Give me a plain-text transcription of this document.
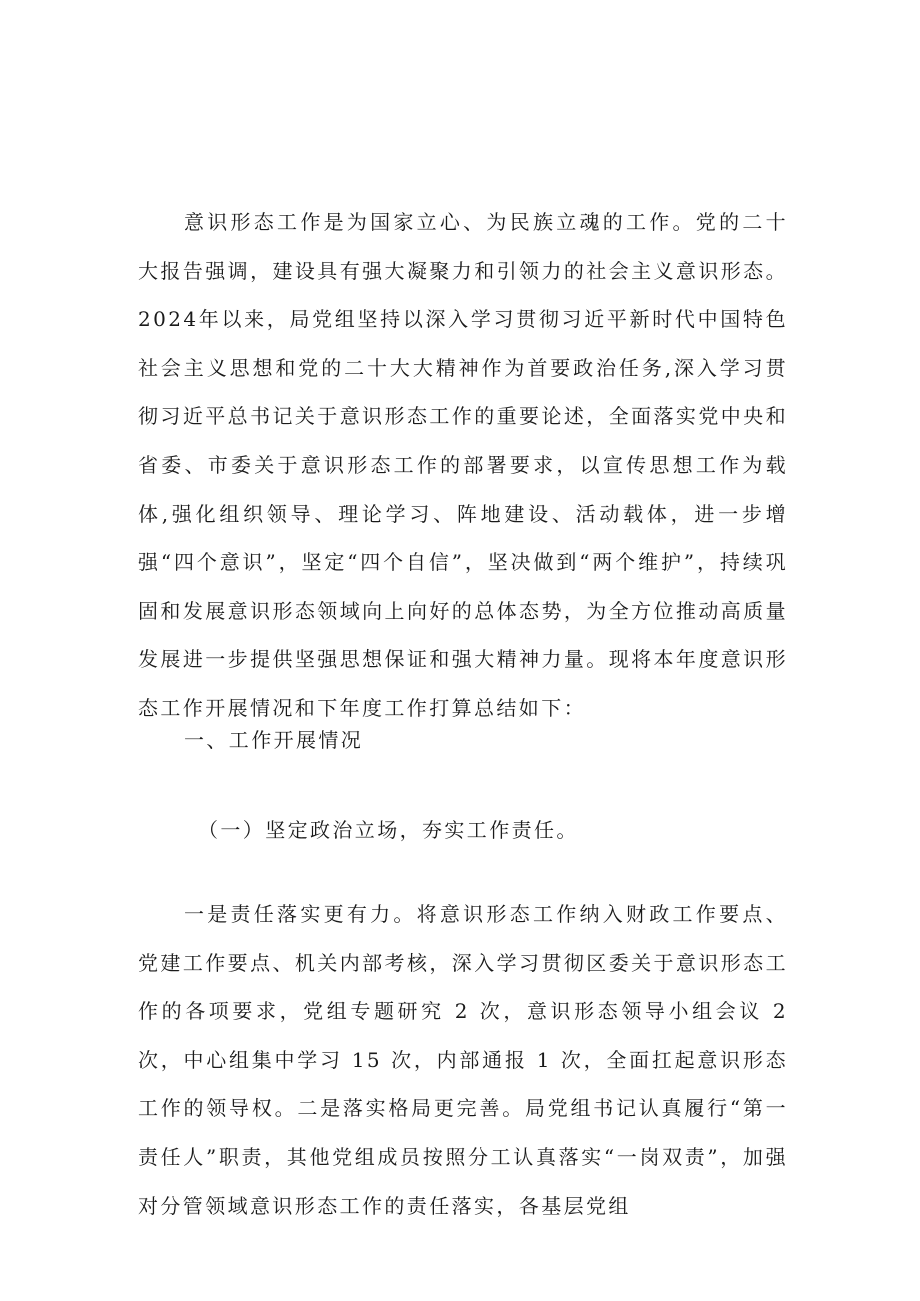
意识形态工作是为国家立心、为民族立魂的工作。党的二十大报告强调，建设具有强大凝聚力和引领力的社会主义意识形态。2024年以来，局党组坚持以深入学习贯彻习近平新时代中国特色社会主义思想和党的二十大大精神作为首要政治任务,深入学习贯彻习近平总书记关于意识形态工作的重要论述，全面落实党中央和省委、市委关于意识形态工作的部署要求，以宣传思想工作为载体,强化组织领导、理论学习、阵地建设、活动载体，进一步增强“四个意识”，坚定“四个自信”，坚决做到“两个维护”，持续巩固和发展意识形态领域向上向好的总体态势，为全方位推动高质量发展进一步提供坚强思想保证和强大精神力量。现将本年度意识形态工作开展情况和下年度工作打算总结如下：

一、工作开展情况

（一）坚定政治立场，夯实工作责任。

一是责任落实更有力。将意识形态工作纳入财政工作要点、党建工作要点、机关内部考核，深入学习贯彻区委关于意识形态工作的各项要求，党组专题研究 2 次，意识形态领导小组会议 2 次，中心组集中学习 15 次，内部通报 1 次，全面扛起意识形态工作的领导权。二是落实格局更完善。局党组书记认真履行“第一责任人”职责，其他党组成员按照分工认真落实“一岗双责”，加强对分管领域意识形态工作的责任落实，各基层党组
